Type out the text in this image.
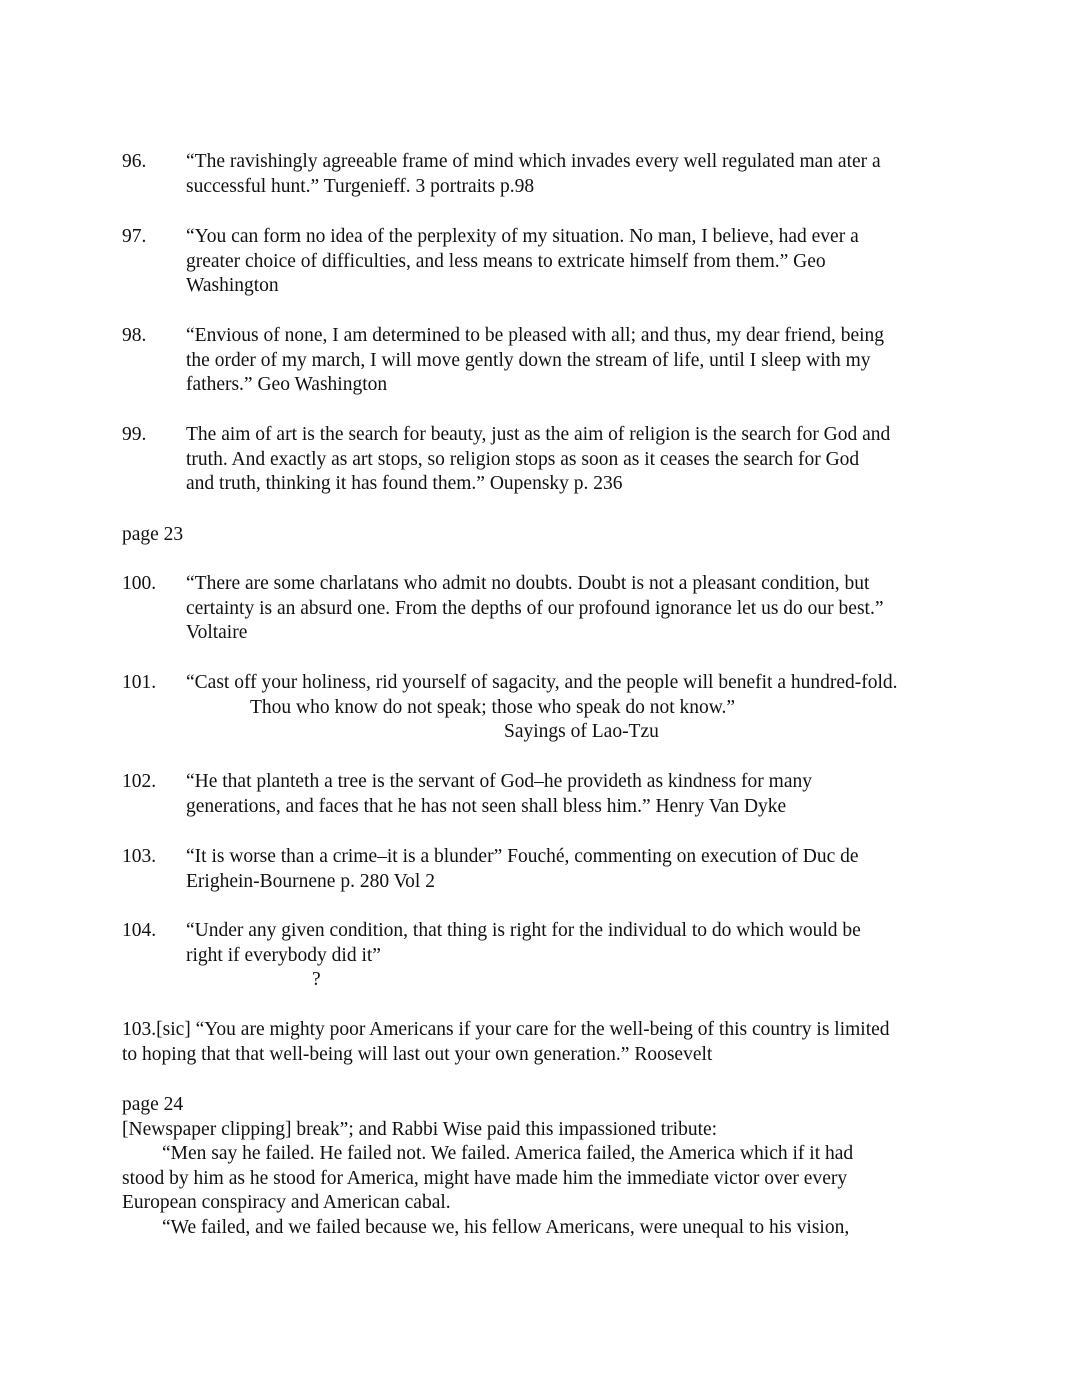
96.	“The ravishingly agreeable frame of mind which invades every well regulated man ater a
successful hunt.” Turgenieff. 3 portraits p.98
97.	“You can form no idea of the perplexity of my situation. No man, I believe, had ever a
greater choice of difficulties, and less means to extricate himself from them.” Geo
Washington
98.	“Envious of none, I am determined to be pleased with all; and thus, my dear friend, being
the order of my march, I will move gently down the stream of life, until I sleep with my
fathers.” Geo Washington
99.	The aim of art is the search for beauty, just as the aim of religion is the search for God and
truth. And exactly as art stops, so religion stops as soon as it ceases the search for God
and truth, thinking it has found them.” Oupensky p. 236
page 23
100.	“There are some charlatans who admit no doubts. Doubt is not a pleasant condition, but
certainty is an absurd one. From the depths of our profound ignorance let us do our best.”
Voltaire
101.	“Cast off your holiness, rid yourself of sagacity, and the people will benefit a hundred-fold.
Thou who know do not speak; those who speak do not know.”
Sayings of Lao-Tzu
102.	“He that planteth a tree is the servant of God–he provideth as kindness for many
generations, and faces that he has not seen shall bless him.” Henry Van Dyke
103.	“It is worse than a crime–it is a blunder” Fouché, commenting on execution of Duc de
Erighein-Bournene p. 280 Vol 2
104.	“Under any given condition, that thing is right for the individual to do which would be
right if everybody did it”
?
103.[sic] “You are mighty poor Americans if your care for the well-being of this country is limited
to hoping that that well-being will last out your own generation.” Roosevelt
page 24
[Newspaper clipping] break”; and Rabbi Wise paid this impassioned tribute:
“Men say he failed. He failed not. We failed. America failed, the America which if it had
stood by him as he stood for America, might have made him the immediate victor over every
European conspiracy and American cabal.
“We failed, and we failed because we, his fellow Americans, were unequal to his vision,
